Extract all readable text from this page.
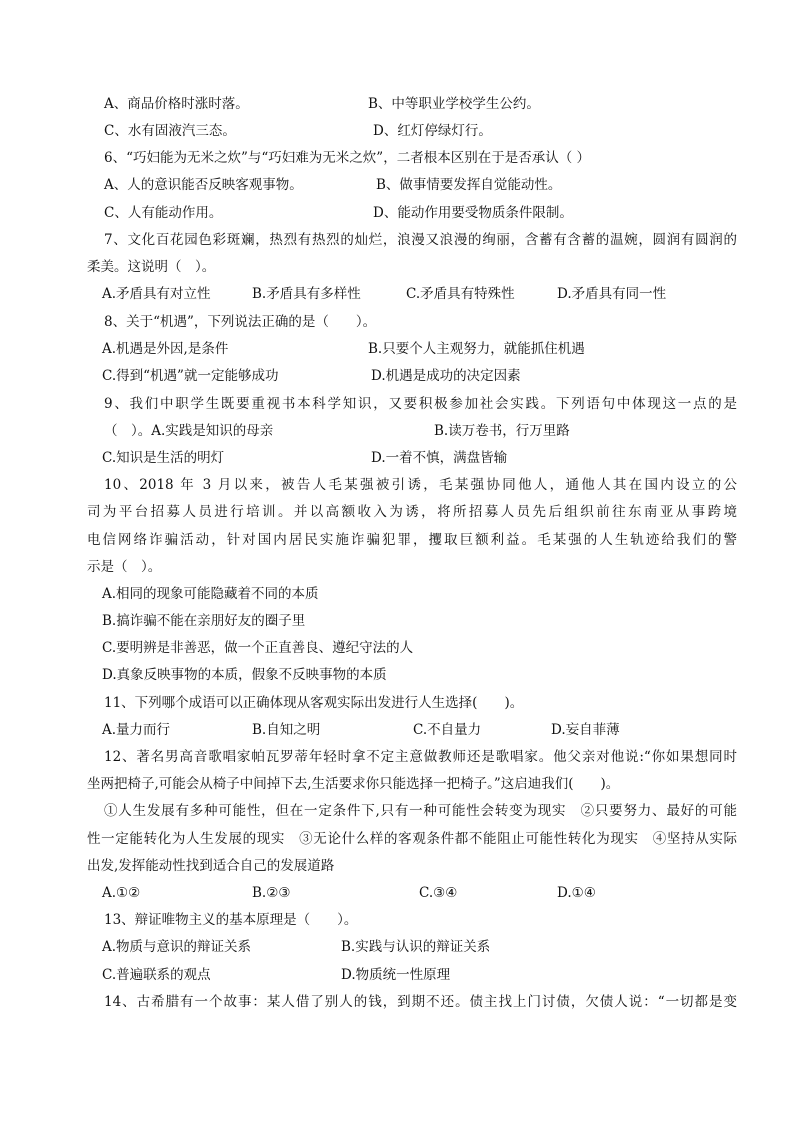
A、商品价格时涨时落。	B、中等职业学校学生公约。
C、水有固液汽三态。	D、红灯停绿灯行。
6、“巧妇能为无米之炊”与“巧妇难为无米之炊”，二者根本区别在于是否承认（ ）
A、人的意识能否反映客观事物。	B、做事情要发挥自觉能动性。
C、人有能动作用。	D、能动作用要受物质条件限制。
7、文化百花园色彩斑斓，热烈有热烈的灿烂，浪漫又浪漫的绚丽，含蓄有含蓄的温婉，圆润有圆润的
柔美。这说明（　）。
A.矛盾具有对立性	B.矛盾具有多样性	C.矛盾具有特殊性	D.矛盾具有同一性
8、关于“机遇”，下列说法正确的是（　　）。
A.机遇是外因,是条件	B.只要个人主观努力，就能抓住机遇
C.得到“机遇”就一定能够成功	D.机遇是成功的决定因素
9、我们中职学生既要重视书本科学知识，又要积极参加社会实践。下列语句中体现这一点的是
（　）。A.实践是知识的母亲	B.读万卷书，行万里路
C.知识是生活的明灯	D.一着不慎，满盘皆输
10、2018 年 3 月以来，被告人毛某强被引诱，毛某强协同他人，通他人其在国内设立的公
司为平台招募人员进行培训。并以高额收入为诱，将所招募人员先后组织前往东南亚从事跨境
电信网络诈骗活动，针对国内居民实施诈骗犯罪，攫取巨额利益。毛某强的人生轨迹给我们的警
示是（　）。
A.相同的现象可能隐藏着不同的本质
B.搞诈骗不能在亲朋好友的圈子里
C.要明辨是非善恶，做一个正直善良、遵纪守法的人
D.真象反映事物的本质，假象不反映事物的本质
11、下列哪个成语可以正确体现从客观实际出发进行人生选择(　　)。
A.量力而行	B.自知之明	C.不自量力	D.妄自菲薄
12、著名男高音歌唱家帕瓦罗蒂年轻时拿不定主意做教师还是歌唱家。他父亲对他说:“你如果想同时
坐两把椅子,可能会从椅子中间掉下去,生活要求你只能选择一把椅子。”这启迪我们(　　)。
①人生发展有多种可能性，但在一定条件下,只有一种可能性会转变为现实　②只要努力、最好的可能
性一定能转化为人生发展的现实　③无论什么样的客观条件都不能阻止可能性转化为现实　④坚持从实际
出发,发挥能动性找到适合自己的发展道路
A.①②	B.②③	C.③④	D.①④
13、辩证唯物主义的基本原理是（　　）。
A.物质与意识的辩证关系	B.实践与认识的辩证关系
C.普遍联系的观点	D.物质统一性原理
14、古希腊有一个故事：某人借了别人的钱，到期不还。债主找上门讨债，欠债人说：“一切都是变
